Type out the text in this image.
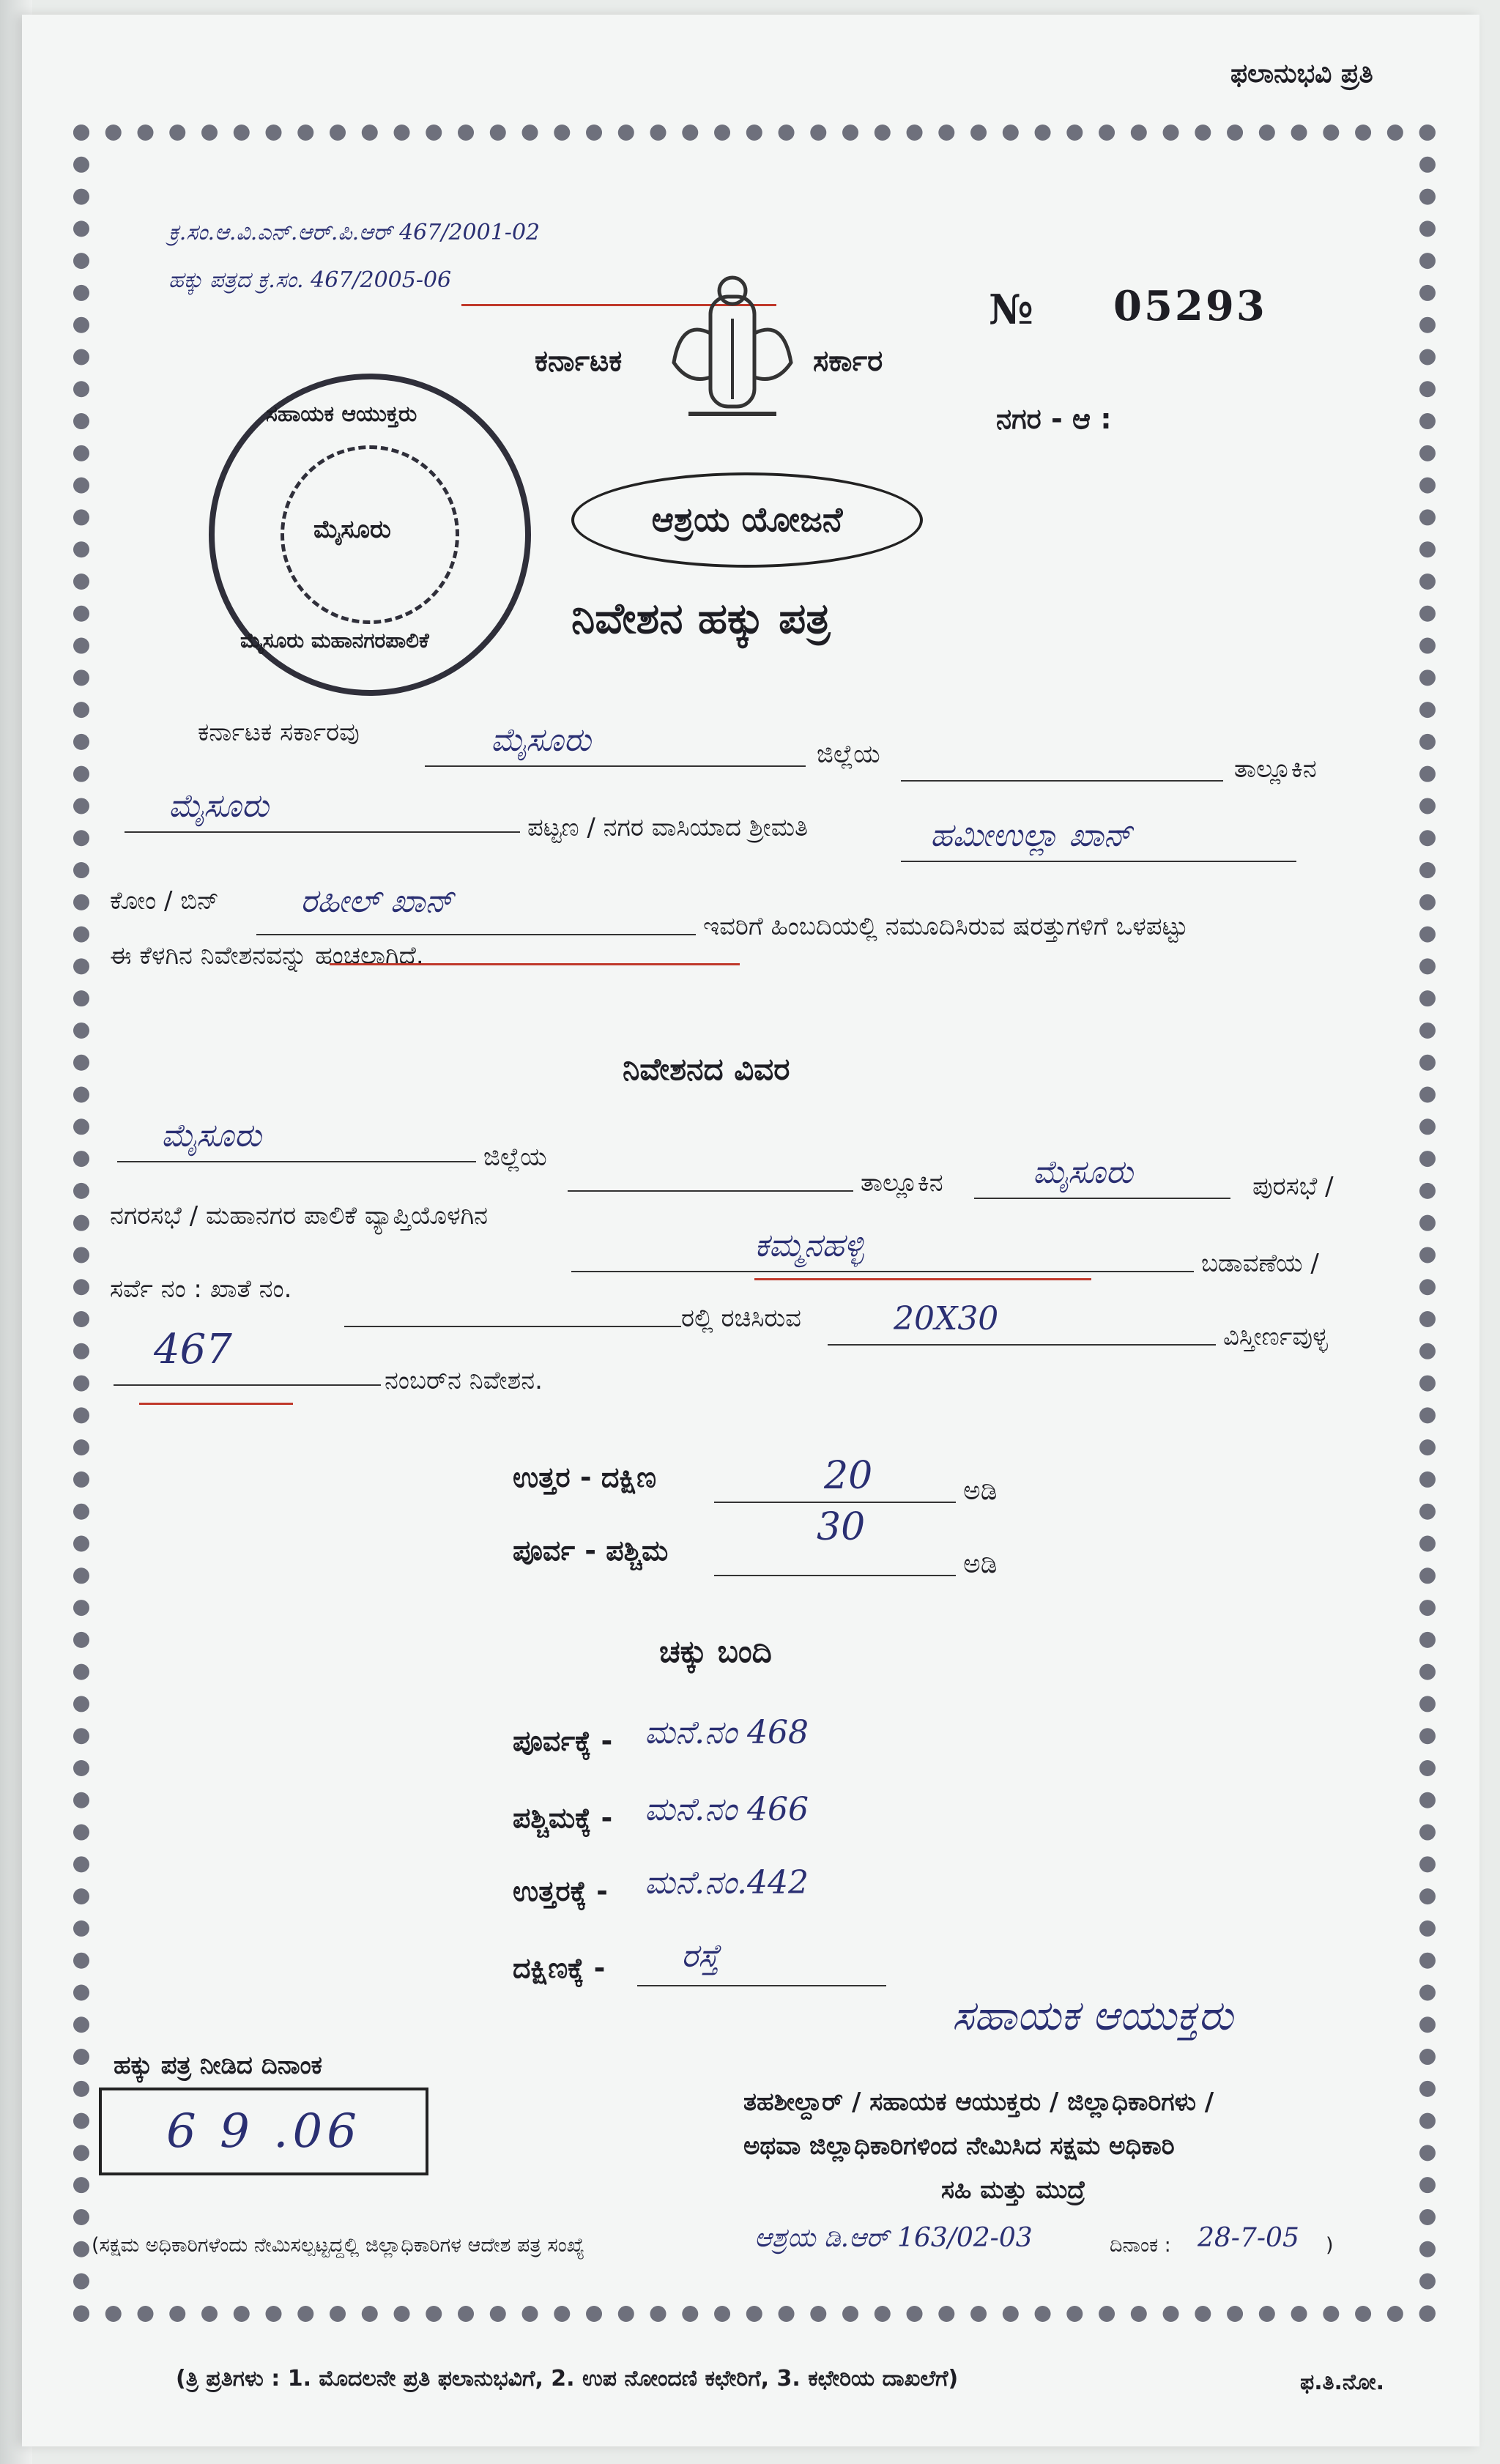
ಫಲಾನುಭವಿ ಪ್ರತಿ
ಕ್ರ.ಸಂ.ಆ.ವಿ.ಎನ್.ಆರ್.ಪಿ.ಆರ್ 467/2001-02
ಹಕ್ಕು ಪತ್ರದ ಕ್ರ.ಸಂ. 467/2005-06
ಕರ್ನಾಟಕ	ಸರ್ಕಾರ
№ 05293
ನಗರ - ಆ :
ಸಹಾಯಕ ಆಯುಕ್ತರು
ಮೈಸೂರು
ಮೈಸೂರು ಮಹಾನಗರಪಾಲಿಕೆ
ಆಶ್ರಯ ಯೋಜನೆ
ನಿವೇಶನ ಹಕ್ಕು ಪತ್ರ
ಕರ್ನಾಟಕ ಸರ್ಕಾರವು	ಮೈಸೂರು	ಜಿಲ್ಲೆಯ	ತಾಲ್ಲೂಕಿನ
ಮೈಸೂರು
ಪಟ್ಟಣ / ನಗರ ವಾಸಿಯಾದ ಶ್ರೀಮತಿ	ಹಮೀಉಲ್ಲಾ ಖಾನ್
ಕೋಂ / ಬಿನ್	ರಹೀಲ್ ಖಾನ್
ಇವರಿಗೆ ಹಿಂಬದಿಯಲ್ಲಿ ನಮೂದಿಸಿರುವ ಷರತ್ತುಗಳಿಗೆ ಒಳಪಟ್ಟು
ಈ ಕೆಳಗಿನ ನಿವೇಶನವನ್ನು ಹಂಚಲಾಗಿದೆ.
ನಿವೇಶನದ ವಿವರ
ಮೈಸೂರು
ಜಿಲ್ಲೆಯ
ತಾಲ್ಲೂಕಿನ	ಮೈಸೂರು	ಪುರಸಭೆ /
ನಗರಸಭೆ / ಮಹಾನಗರ ಪಾಲಿಕೆ ವ್ಯಾಪ್ತಿಯೊಳಗಿನ
ಕಮ್ಮನಹಳ್ಳಿ	ಬಡಾವಣೆಯ /
ಸರ್ವೆ ನಂ : ಖಾತೆ ನಂ.
ರಲ್ಲಿ ರಚಿಸಿರುವ	20X30	ವಿಸ್ತೀರ್ಣವುಳ್ಳ
467
ನಂಬರ್‌ನ ನಿವೇಶನ.
ಉತ್ತರ - ದಕ್ಷಿಣ	20	ಅಡಿ
ಪೂರ್ವ - ಪಶ್ಚಿಮ
30
ಅಡಿ
ಚಕ್ಕು ಬಂದಿ
ಪೂರ್ವಕ್ಕೆ - ಮನೆ.ನಂ 468
ಪಶ್ಚಿಮಕ್ಕೆ - ಮನೆ.ನಂ 466
ಉತ್ತರಕ್ಕೆ - ಮನೆ.ನಂ.442
ದಕ್ಷಿಣಕ್ಕೆ - ರಸ್ತೆ
ಹಕ್ಕು ಪತ್ರ ನೀಡಿದ ದಿನಾಂಕ
6 9 .06
ಸಹಾಯಕ ಆಯುಕ್ತರು
ತಹಶೀಲ್ದಾರ್ / ಸಹಾಯಕ ಆಯುಕ್ತರು / ಜಿಲ್ಲಾಧಿಕಾರಿಗಳು /
ಅಥವಾ ಜಿಲ್ಲಾಧಿಕಾರಿಗಳಿಂದ ನೇಮಿಸಿದ ಸಕ್ಷಮ ಅಧಿಕಾರಿ
ಸಹಿ ಮತ್ತು ಮುದ್ರೆ
(ಸಕ್ಷಮ ಅಧಿಕಾರಿಗಳೆಂದು ನೇಮಿಸಲ್ಪಟ್ಟದ್ದಲ್ಲಿ ಜಿಲ್ಲಾಧಿಕಾರಿಗಳ ಆದೇಶ ಪತ್ರ ಸಂಖ್ಯೆ	ಆಶ್ರಯ ಡಿ.ಆರ್ 163/02-03	ದಿನಾಂಕ : 28-7-05 )
(ತ್ರಿ ಪ್ರತಿಗಳು : 1. ಮೊದಲನೇ ಪ್ರತಿ ಫಲಾನುಭವಿಗೆ, 2. ಉಪ ನೋಂದಣಿ ಕಛೇರಿಗೆ, 3. ಕಛೇರಿಯ ದಾಖಲೆಗೆ)	ಫ.ತಿ.ನೋ.
